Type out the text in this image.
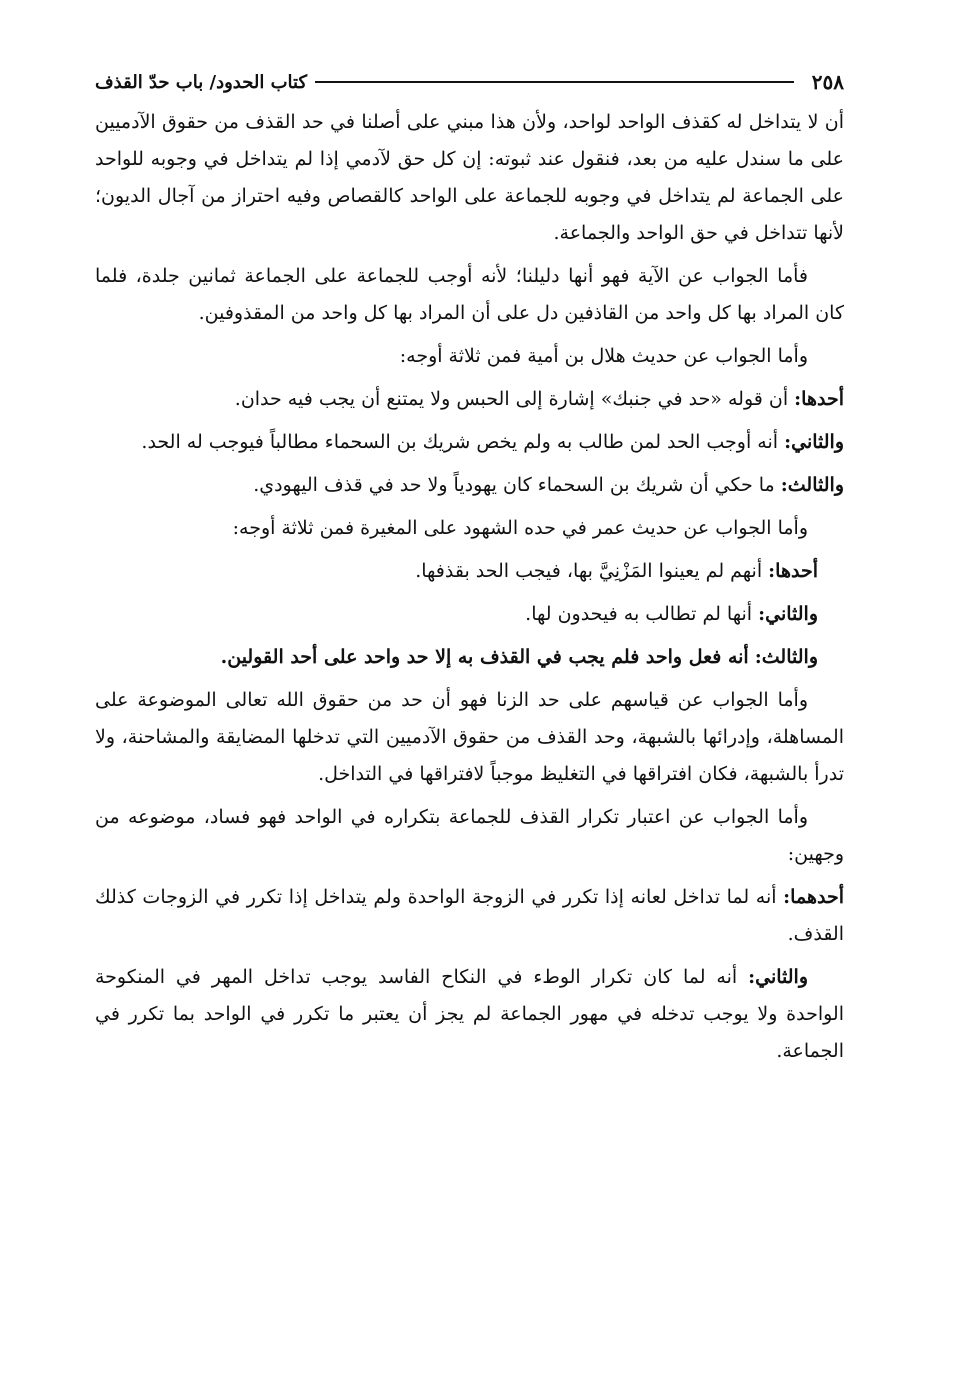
٢٥٨
كتاب الحدود/ باب حدّ القذف

أن لا يتداخل له كقذف الواحد لواحد، ولأن هذا مبني على أصلنا في حد القذف من حقوق الآدميين على ما سندل عليه من بعد، فنقول عند ثبوته: إن كل حق لآدمي إذا لم يتداخل في وجوبه للواحد على الجماعة لم يتداخل في وجوبه للجماعة على الواحد كالقصاص وفيه احتراز من آجال الديون؛ لأنها تتداخل في حق الواحد والجماعة.

فأما الجواب عن الآية فهو أنها دليلنا؛ لأنه أوجب للجماعة على الجماعة ثمانين جلدة، فلما كان المراد بها كل واحد من القاذفين دل على أن المراد بها كل واحد من المقذوفين.

وأما الجواب عن حديث هلال بن أمية فمن ثلاثة أوجه:

أحدها: أن قوله «حد في جنبك» إشارة إلى الحبس ولا يمتنع أن يجب فيه حدان.

والثاني: أنه أوجب الحد لمن طالب به ولم يخص شريك بن السحماء مطالباً فيوجب له الحد.

والثالث: ما حكي أن شريك بن السحماء كان يهودياً ولا حد في قذف اليهودي.

وأما الجواب عن حديث عمر في حده الشهود على المغيرة فمن ثلاثة أوجه:

أحدها: أنهم لم يعينوا المَزْنِيَّ بها، فيجب الحد بقذفها.

والثاني: أنها لم تطالب به فيحدون لها.

والثالث: أنه فعل واحد فلم يجب في القذف به إلا حد واحد على أحد القولين.

وأما الجواب عن قياسهم على حد الزنا فهو أن حد من حقوق الله تعالى الموضوعة على المساهلة، وإدرائها بالشبهة، وحد القذف من حقوق الآدميين التي تدخلها المضايقة والمشاحنة، ولا تدرأ بالشبهة، فكان افتراقها في التغليظ موجباً لافتراقها في التداخل.

وأما الجواب عن اعتبار تكرار القذف للجماعة بتكراره في الواحد فهو فساد، موضوعه من وجهين:

أحدهما: أنه لما تداخل لعانه إذا تكرر في الزوجة الواحدة ولم يتداخل إذا تكرر في الزوجات كذلك القذف.

والثاني: أنه لما كان تكرار الوطء في النكاح الفاسد يوجب تداخل المهر في المنكوحة الواحدة ولا يوجب تدخله في مهور الجماعة لم يجز أن يعتبر ما تكرر في الواحد بما تكرر في الجماعة.
